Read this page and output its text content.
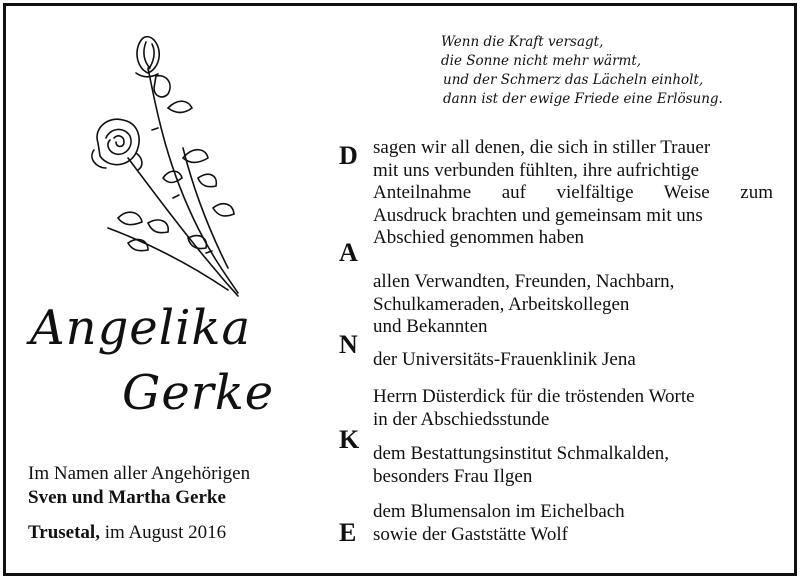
Wenn die Kraft versagt,
die Sonne nicht mehr wärmt,
und der Schmerz das Lächeln einholt,
dann ist der ewige Friede eine Erlösung.
Angelika
Gerke
Im Namen aller Angehörigen
Sven und Martha Gerke
Trusetal, im August 2016
D
A
N
K
E

sagen wir all denen, die sich in stiller Trauer

mit uns verbunden fühlten, ihre aufrichtige

Anteilnahme auf vielfältige Weise zum

Ausdruck brachten und gemeinsam mit uns

Abschied genommen haben

allen Verwandten, Freunden, Nachbarn,

Schulkameraden, Arbeitskollegen

und Bekannten

der Universitäts-Frauenklinik Jena

Herrn Düsterdick für die tröstenden Worte

in der Abschiedsstunde

dem Bestattungsinstitut Schmalkalden,

besonders Frau Ilgen

dem Blumensalon im Eichelbach

sowie der Gaststätte Wolf
